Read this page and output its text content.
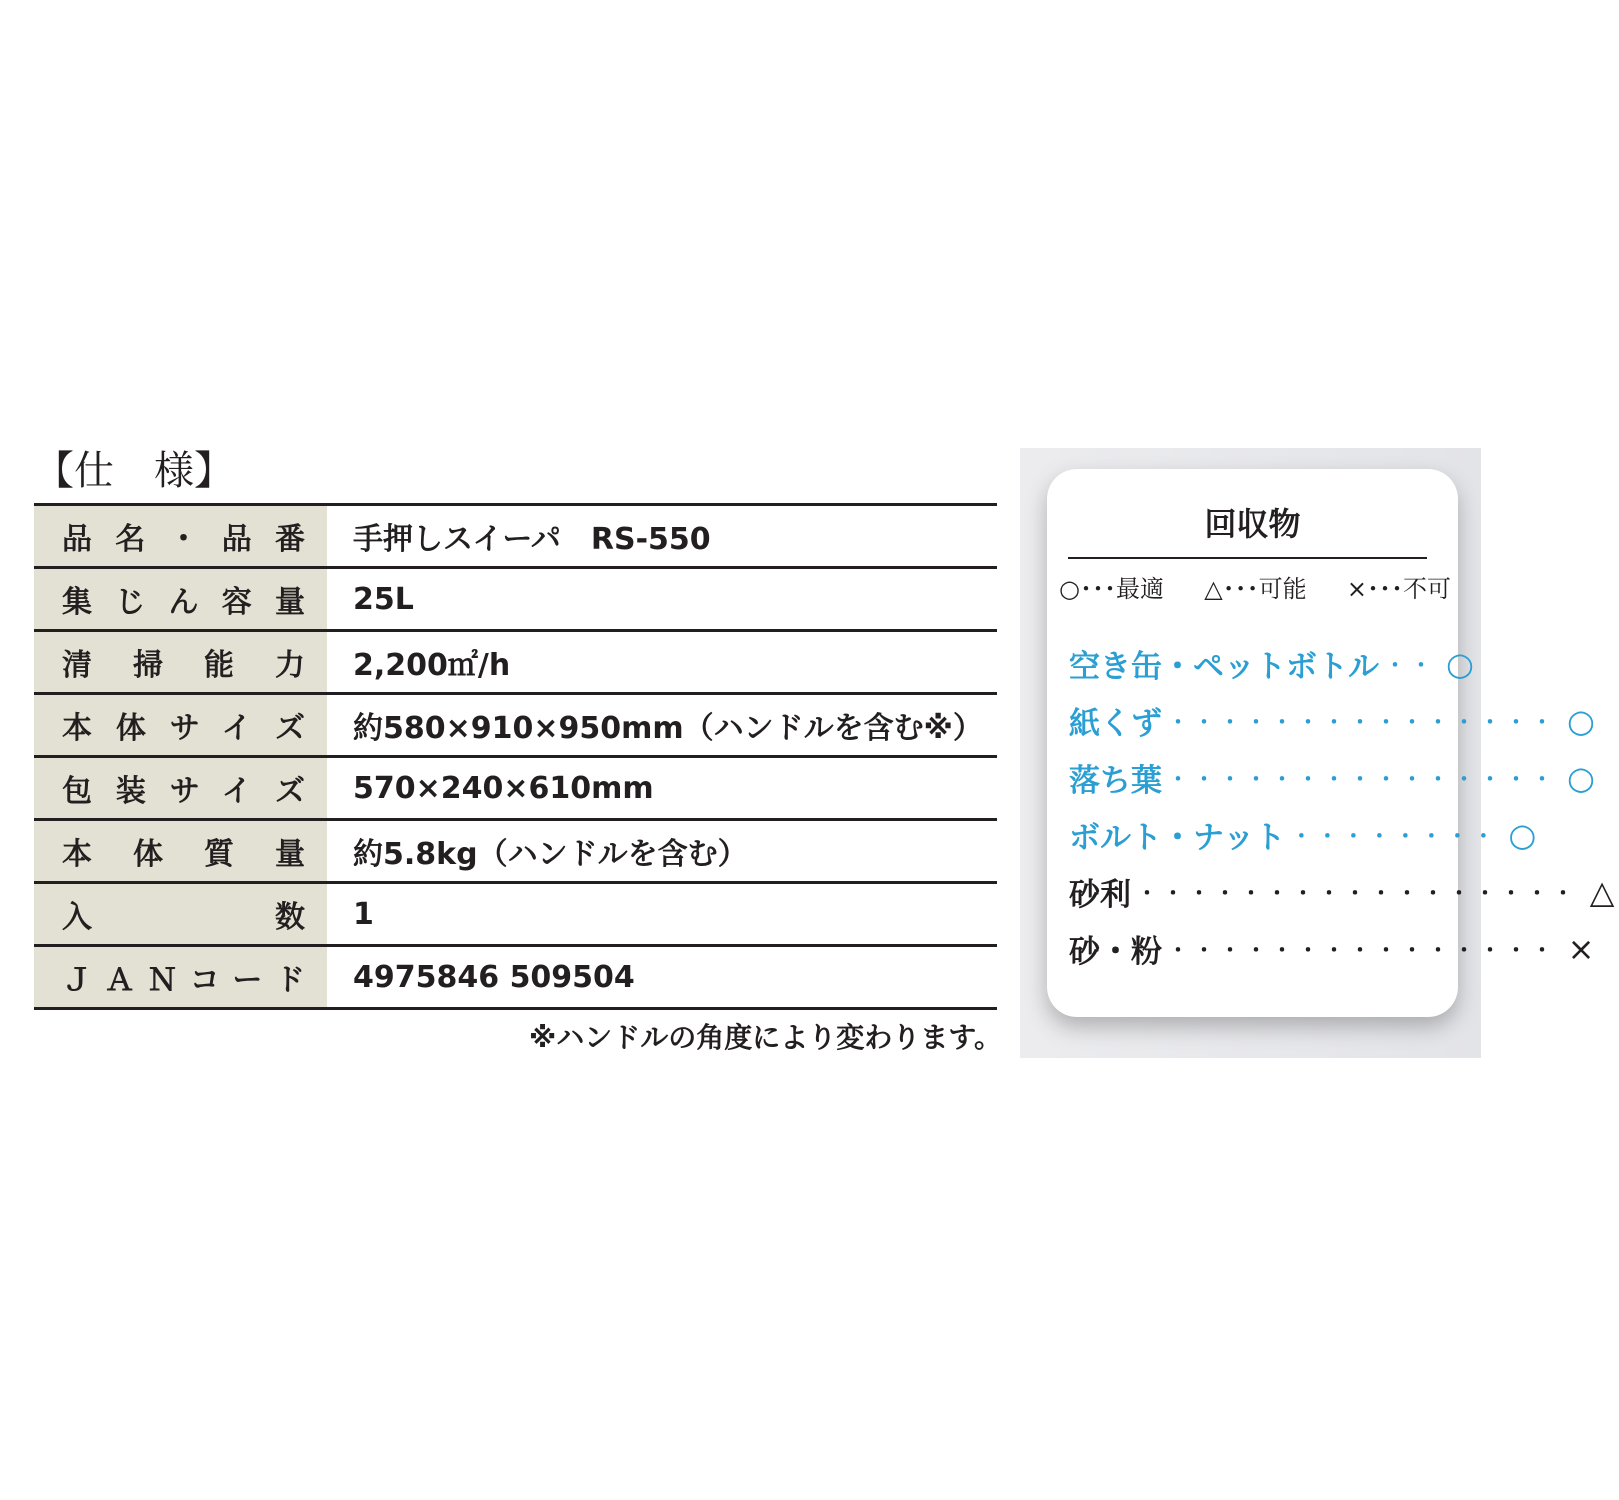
【仕　様】
品名・品番	手押しスイーパ　RS-550
集じん容量	25L
清掃能力	2,200㎡/h
本体サイズ	約580×910×950mm（ハンドルを含む※）
包装サイズ	570×240×610mm
本体質量	約5.8kg（ハンドルを含む）
入数	1
ＪＡＮコード	4975846 509504
※ハンドルの角度により変わります。
回収物
○･･･最適 △･･･可能 ×･･･不可
空き缶・ペットボトル ・・ ○
紙くず ・・・・・・・・・・・・・・・ ○
落ち葉 ・・・・・・・・・・・・・・・ ○
ボルト・ナット ・・・・・・・・ ○
砂利 ・・・・・・・・・・・・・・・・・ △
砂・粉 ・・・・・・・・・・・・・・・ ×
